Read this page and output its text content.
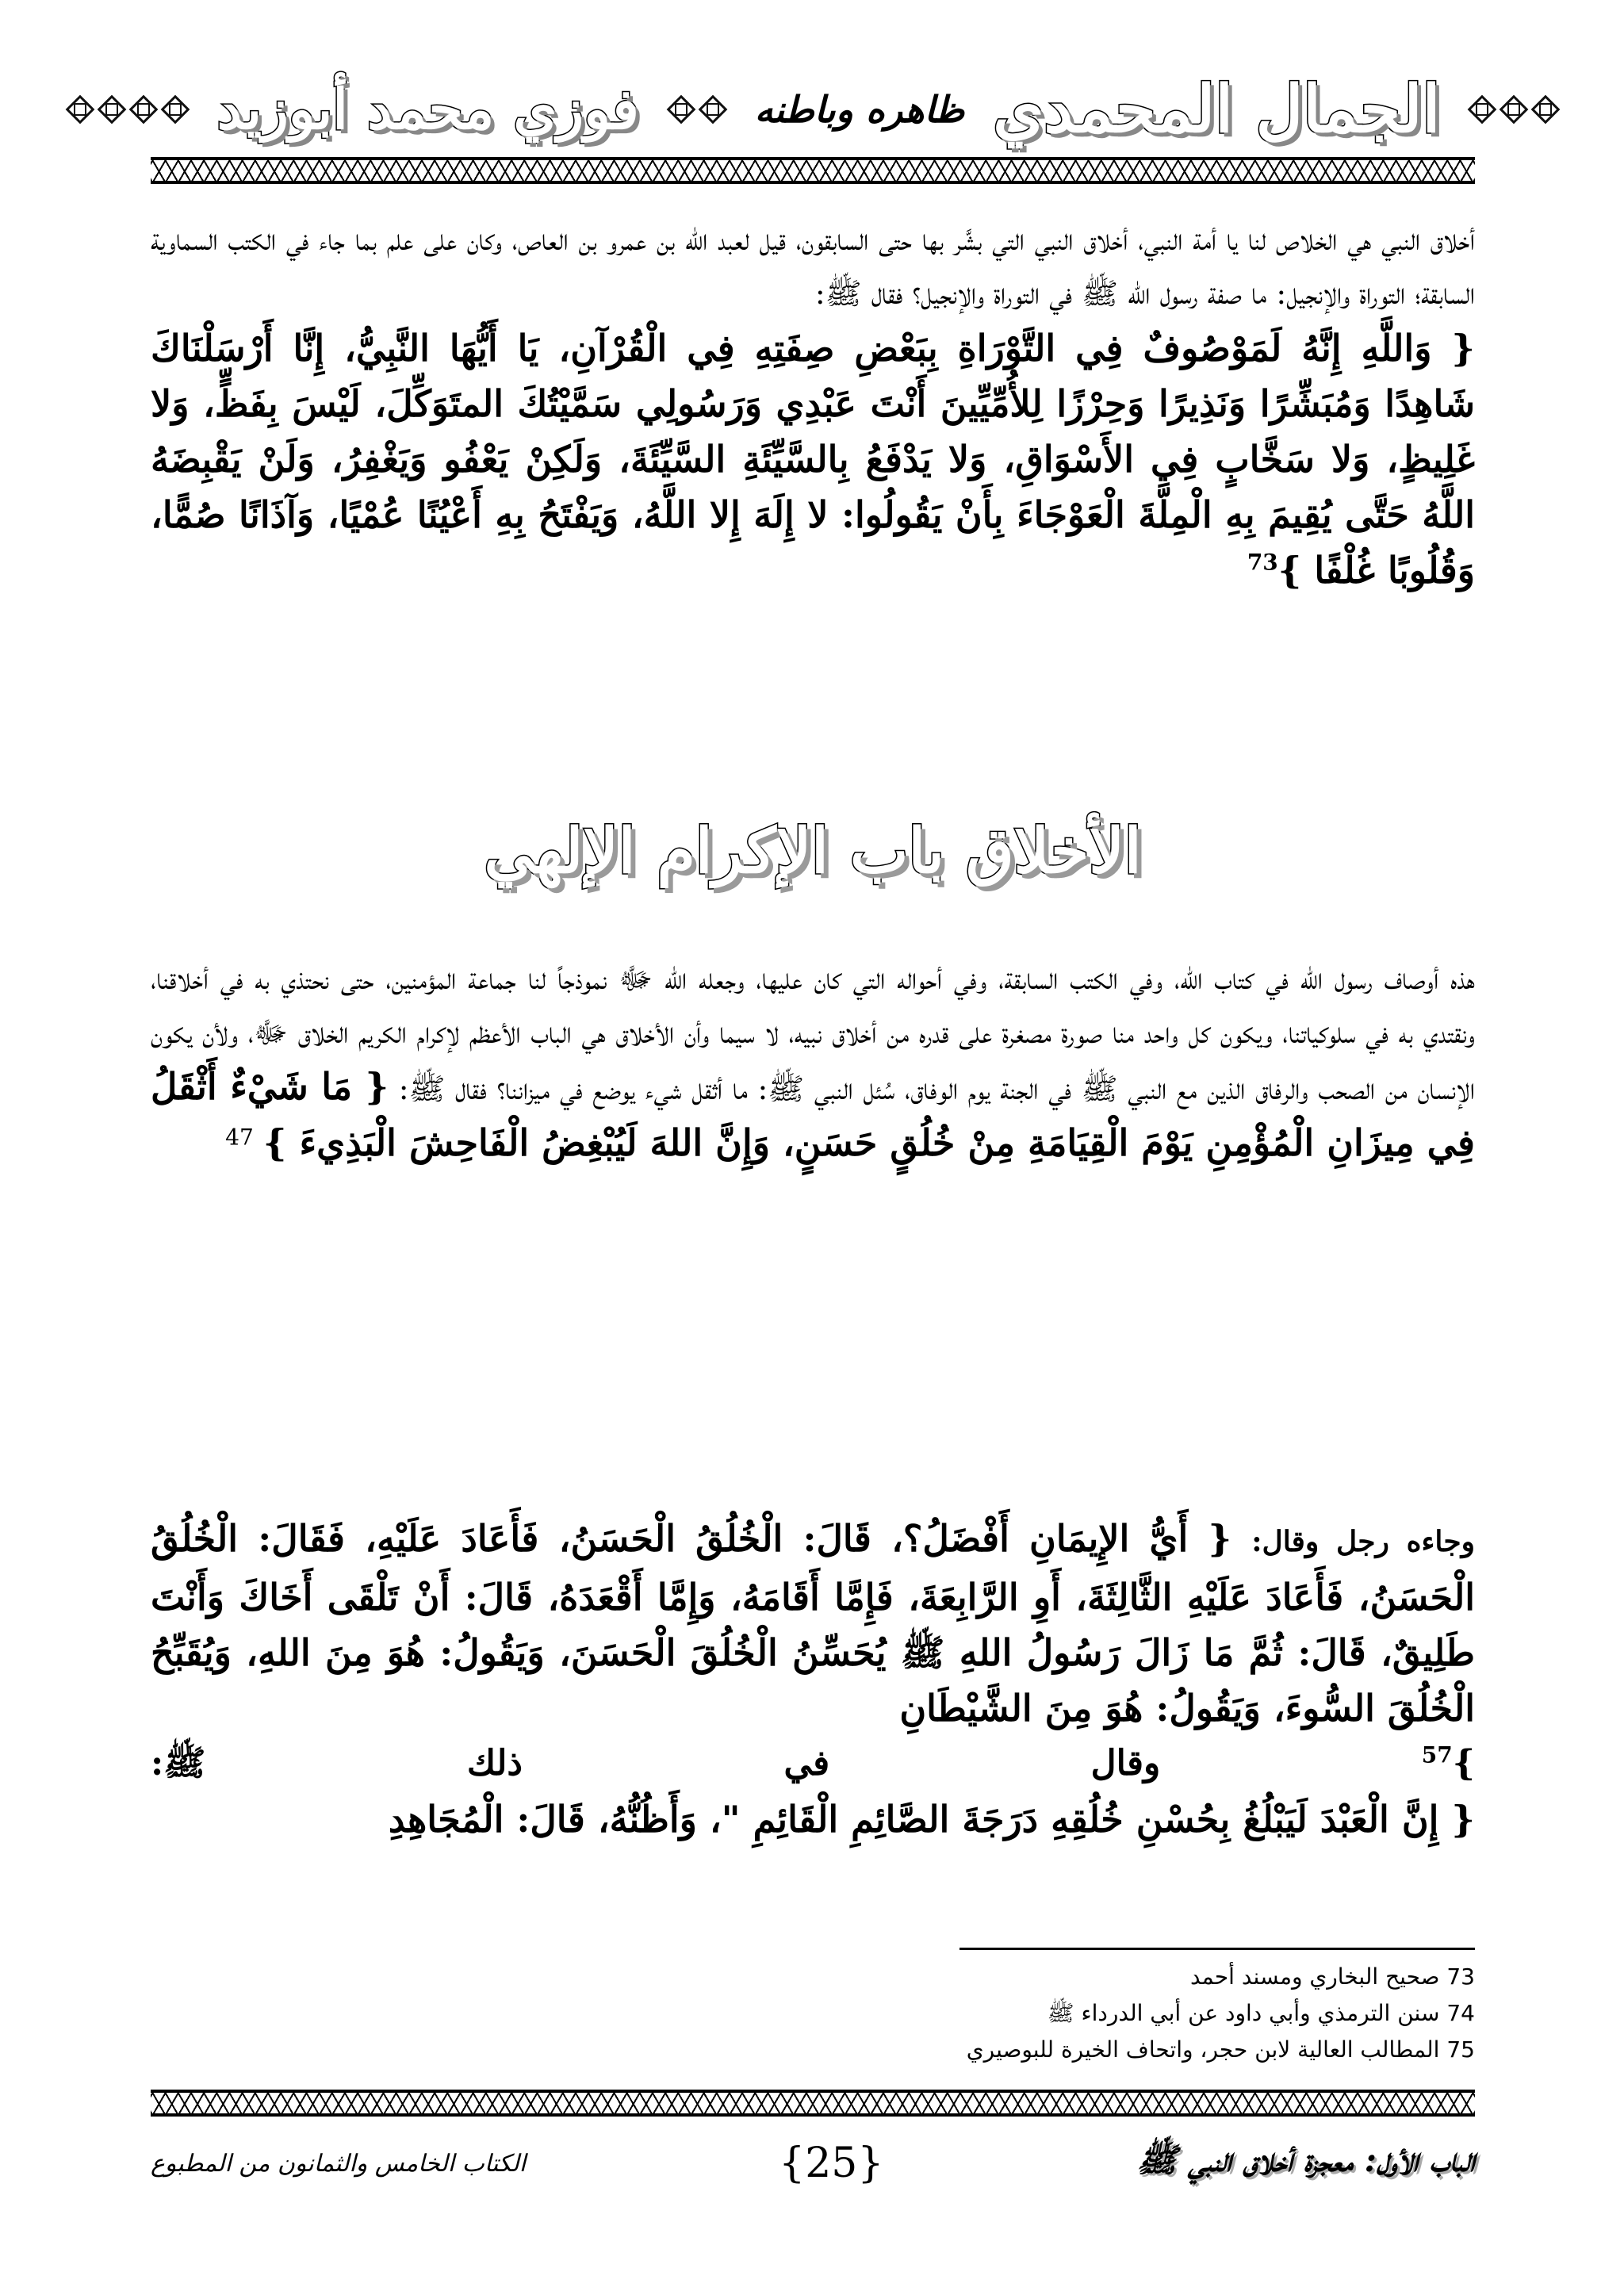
الجمال المحمدي
ظاهره وباطنه
فوزي محمد أبوزيد

أخلاق النبي هي الخلاص لنا يا أمة النبي، أخلاق النبي التي بشَّر بها حتى السابقون، قيل لعبد الله بن عمرو بن العاص، وكان على علم بما جاء في الكتب السماوية السابقة؛ التوراة والإنجيل: ما صفة رسول الله ﷺ في التوراة والإنجيل؟ فقال ﷺ:

{ وَاللَّهِ إِنَّهُ لَمَوْصُوفٌ فِي التَّوْرَاةِ بِبَعْضِ صِفَتِهِ فِي الْقُرْآنِ، يَا أَيُّهَا النَّبِيُّ، إِنَّا أَرْسَلْنَاكَ شَاهِدًا وَمُبَشِّرًا وَنَذِيرًا وَحِرْزًا لِلأُمِّيِّينَ أَنْتَ عَبْدِي وَرَسُولِي سَمَّيْتُكَ المتَوَكِّلَ، لَيْسَ بِفَظٍّ، وَلا غَلِيظٍ، وَلا سَخَّابٍ فِي الأَسْوَاقِ، وَلا يَدْفَعُ بِالسَّيِّئَةِ السَّيِّئَةَ، وَلَكِنْ يَعْفُو وَيَغْفِرُ، وَلَنْ يَقْبِضَهُ اللَّهُ حَتَّى يُقِيمَ بِهِ الْمِلَّةَ الْعَوْجَاءَ بِأَنْ يَقُولُوا: لا إِلَهَ إِلا اللَّهُ، وَيَفْتَحُ بِهِ أَعْيُنًا عُمْيًا، وَآذَانًا صُمًّا، وَقُلُوبًا غُلْفًا }$^{73}$

الأخلاق باب الإكرام الإلهي

هذه أوصاف رسول الله في كتاب الله، وفي الكتب السابقة، وفي أحواله التي كان عليها، وجعله الله ﷻ نموذجاً لنا جماعة المؤمنين، حتى نحتذي به في أخلاقنا، ونقتدي به في سلوكياتنا، ويكون كل واحد منا صورة مصغرة على قدره من أخلاق نبيه، لا سيما وأن الأخلاق هي الباب الأعظم لإكرام الكريم الخلاق ﷻ، ولأن يكون الإنسان من الصحب والرفاق الذين مع النبي ﷺ في الجنة يوم الوفاق، سُئل النبي ﷺ: ما أثقل شيء يوضع في ميزاننا؟ فقال ﷺ: { مَا شَيْءٌ أَثْقَلُ فِي مِيزَانِ الْمُؤْمِنِ يَوْمَ الْقِيَامَةِ مِنْ خُلُقٍ حَسَنٍ، وَإِنَّ اللهَ لَيُبْغِضُ الْفَاحِشَ الْبَذِيءَ } $^{47}$

وجاءه رجل وقال: { أَيُّ الإِيمَانِ أَفْضَلُ؟، قَالَ: الْخُلُقُ الْحَسَنُ، فَأَعَادَ عَلَيْهِ، فَقَالَ: الْخُلُقُ الْحَسَنُ، فَأَعَادَ عَلَيْهِ الثَّالِثَةَ، أَوِ الرَّابِعَةَ، فَإِمَّا أَقَامَهُ، وَإِمَّا أَقْعَدَهُ، قَالَ: أَنْ تَلْقَى أَخَاكَ وَأَنْتَ طَلِيقٌ، قَالَ: ثُمَّ مَا زَالَ رَسُولُ اللهِ ﷺ يُحَسِّنُ الْخُلُقَ الْحَسَنَ، وَيَقُولُ: هُوَ مِنَ اللهِ، وَيُقَبِّحُ الْخُلُقَ السُّوءَ، وَيَقُولُ: هُوَ مِنَ الشَّيْطَانِ

}$^{57}$
وقال
في
ذلك
ﷺ:

{ إِنَّ الْعَبْدَ لَيَبْلُغُ بِحُسْنِ خُلُقِهِ دَرَجَةَ الصَّائِمِ الْقَائِمِ "، وَأَظُنُّهُ، قَالَ: الْمُجَاهِدِ

73 صحيح البخاري ومسند أحمد
74 سنن الترمذي وأبي داود عن أبي الدرداء ﷺ
75 المطالب العالية لابن حجر، واتحاف الخيرة للبوصيري
الباب الأول: معجزة أخلاق النبي ﷺ
{25}
الكتاب الخامس والثمانون من المطبوع
